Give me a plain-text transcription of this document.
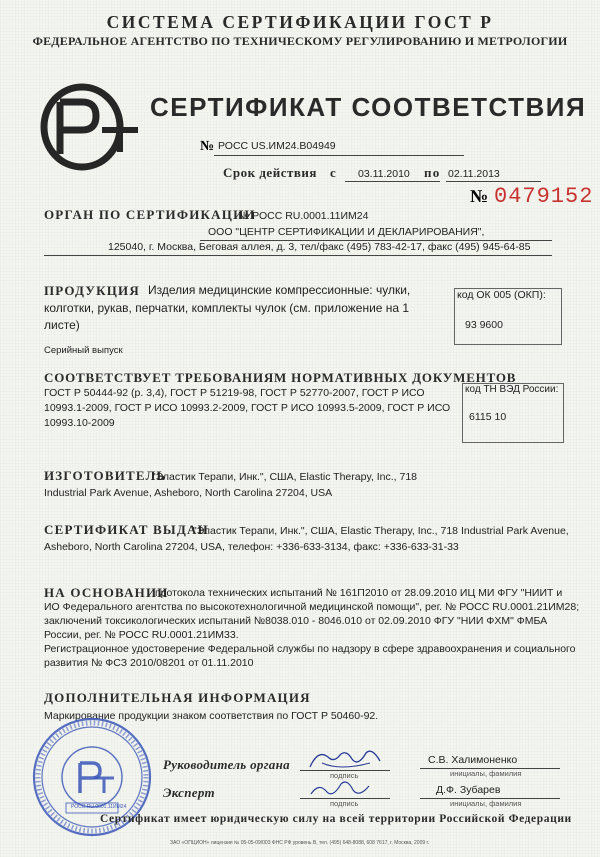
СИСТЕМА СЕРТИФИКАЦИИ ГОСТ Р
ФЕДЕРАЛЬНОЕ АГЕНТСТВО ПО ТЕХНИЧЕСКОМУ РЕГУЛИРОВАНИЮ И МЕТРОЛОГИИ
СЕРТИФИКАТ СООТВЕТСТВИЯ
№ РОСС US.ИМ24.B04949
Срок действия с 03.11.2010 по 02.11.2013
№ 0479152
ОРГАН ПО СЕРТИФИКАЦИИ
№ РОСС RU.0001.11ИМ24
ООО "ЦЕНТР СЕРТИФИКАЦИИ И ДЕКЛАРИРОВАНИЯ",
125040, г. Москва, Беговая аллея, д. 3, тел/факс (495) 783-42-17, факс (495) 945-64-85
ПРОДУКЦИЯ Изделия медицинские компрессионные: чулки,
колготки, рукав, перчатки, комплекты чулок (см. приложение на 1
листе)
Серийный выпуск
код ОК 005 (ОКП):
93 9600
СООТВЕТСТВУЕТ ТРЕБОВАНИЯМ НОРМАТИВНЫХ ДОКУМЕНТОВ
ГОСТ Р 50444-92 (р. 3,4), ГОСТ Р 51219-98, ГОСТ Р 52770-2007, ГОСТ Р ИСО
10993.1-2009, ГОСТ Р ИСО 10993.2-2009, ГОСТ Р ИСО 10993.5-2009, ГОСТ Р ИСО
10993.10-2009
код ТН ВЭД России:
6115 10
ИЗГОТОВИТЕЛЬ
"Эластик Терапи, Инк.", США, Elastic Therapy, Inc., 718
Industrial Park Avenue, Asheboro, North Carolina 27204, USA
СЕРТИФИКАТ ВЫДАН
"Эластик Терапи, Инк.", США, Elastic Therapy, Inc., 718 Industrial Park Avenue,
Asheboro, North Carolina 27204, USA, телефон: +336-633-3134, факс: +336-633-31-33
НА ОСНОВАНИИ
протокола технических испытаний № 161П2010 от 28.09.2010 ИЦ МИ ФГУ "НИИТ и
ИО Федерального агентства по высокотехнологичной медицинской помощи", рег. № РОСС RU.0001.21ИМ28;
заключений токсикологических испытаний №8038.010 - 8046.010 от 02.09.2010 ФГУ "НИИ ФХМ" ФМБА
России, рег. № РОСС RU.0001.21ИМ33.
Регистрационное удостоверение Федеральной службы по надзору в сфере здравоохранения и социального
развития № ФСЗ 2010/08201 от 01.11.2010
ДОПОЛНИТЕЛЬНАЯ ИНФОРМАЦИЯ
Маркирование продукции знаком соответствия по ГОСТ Р 50460-92.
РОСС RU.0001.11ИМ24
Руководитель органа
подпись
С.В. Халимоненко
инициалы, фамилия
Эксперт
подпись
Д.Ф. Зубарев
инициалы, фамилия
Сертификат имеет юридическую силу на всей территории Российской Федерации
ЗАО «ОПЦИОН» лицензия № 05-05-09/003 ФНС РФ уровень В, тел. (495) 648-8088, 608 7617, г. Москва, 2009 г.
